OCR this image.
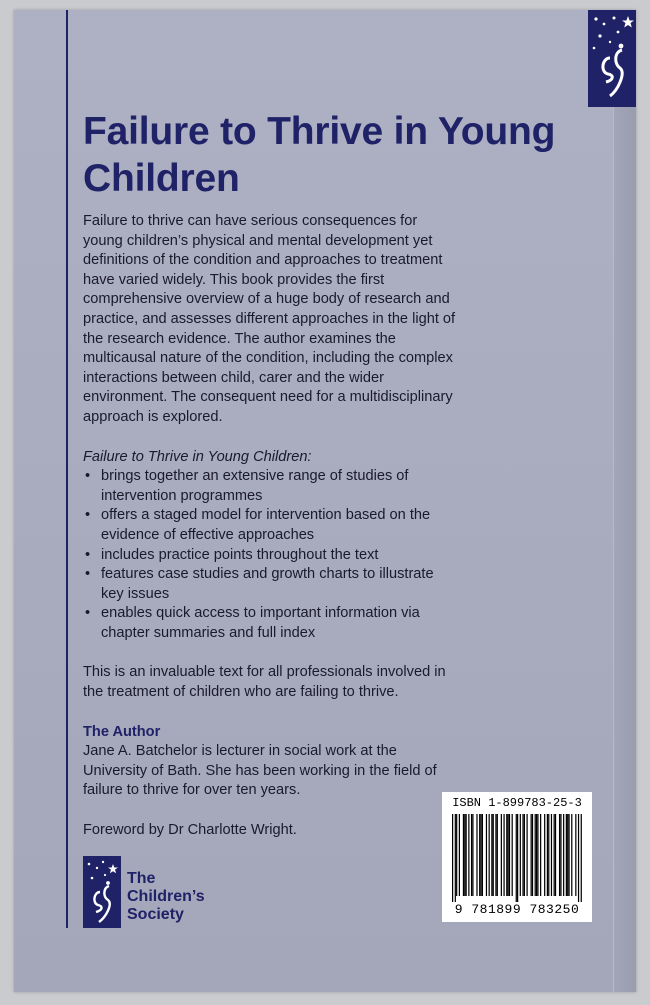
Failure to Thrive in Young Children

Failure to thrive can have serious consequences for young children’s physical and mental development yet definitions of the condition and approaches to treatment have varied widely. This book provides the first comprehensive overview of a huge body of research and practice, and assesses different approaches in the light of the research evidence. The author examines the multicausal nature of the condition, including the complex interactions between child, carer and the wider environment. The consequent need for a multidisciplinary approach is explored.

Failure to Thrive in Young Children:

• brings together an extensive range of studies of intervention programmes
• offers a staged model for intervention based on the evidence of effective approaches
• includes practice points throughout the text
• features case studies and growth charts to illustrate key issues
• enables quick access to important information via chapter summaries and full index

This is an invaluable text for all professionals involved in the treatment of children who are failing to thrive.

The Author

Jane A. Batchelor is lecturer in social work at the University of Bath. She has been working in the field of failure to thrive for over ten years.

Foreword by Dr Charlotte Wright.

The
Children’s
Society
ISBN 1-899783-25-3
9 781899 783250
